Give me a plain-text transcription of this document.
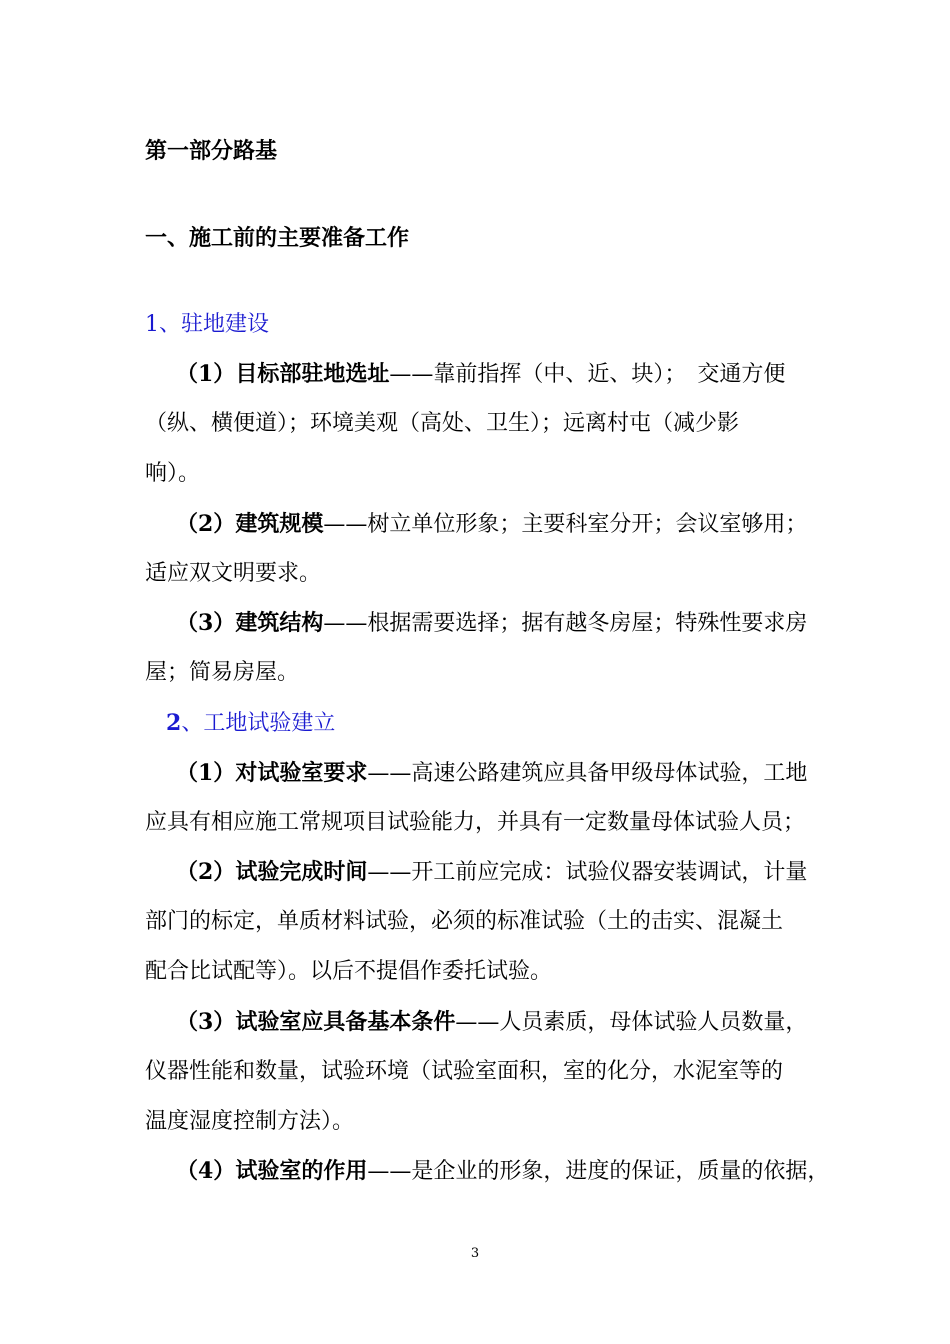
第一部分路基
一、施工前的主要准备工作
1、驻地建设
（1）目标部驻地选址——靠前指挥（中、近、块）；　交通方便
（纵、横便道）；环境美观（高处、卫生）；远离村屯（减少影
响）。
（2）建筑规模——树立单位形象；主要科室分开；会议室够用；
适应双文明要求。
（3）建筑结构——根据需要选择；据有越冬房屋；特殊性要求房
屋；简易房屋。
2、工地试验建立
（1）对试验室要求——高速公路建筑应具备甲级母体试验，工地
应具有相应施工常规项目试验能力，并具有一定数量母体试验人员；
（2）试验完成时间——开工前应完成：试验仪器安装调试，计量
部门的标定，单质材料试验，必须的标准试验（土的击实、混凝土
配合比试配等）。以后不提倡作委托试验。
（3）试验室应具备基本条件——人员素质，母体试验人员数量，
仪器性能和数量，试验环境（试验室面积，室的化分，水泥室等的
温度湿度控制方法）。
（4）试验室的作用——是企业的形象，进度的保证，质量的依据，
3
